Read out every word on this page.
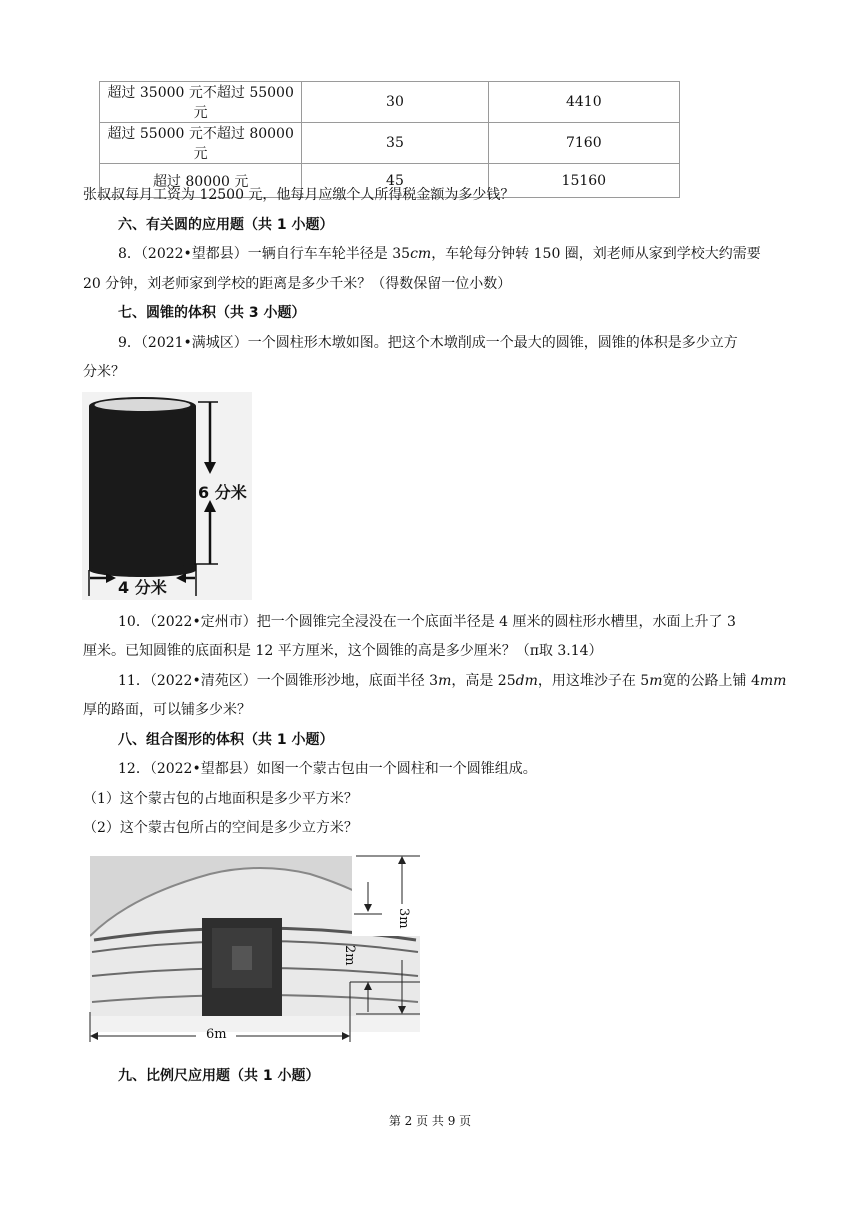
超过 35000 元不超过 55000 元	30	4410
超过 55000 元不超过 80000 元	35	7160
超过 80000 元	45	15160
张叔叔每月工资为 12500 元，他每月应缴个人所得税金额为多少钱？
六、有关圆的应用题（共 1 小题）
8．（2022•望都县）一辆自行车车轮半径是 35cm，车轮每分钟转 150 圈，刘老师从家到学校大约需要
20 分钟，刘老师家到学校的距离是多少千米？（得数保留一位小数）
七、圆锥的体积（共 3 小题）
9．（2021•满城区）一个圆柱形木墩如图。把这个木墩削成一个最大的圆锥，圆锥的体积是多少立方
分米？
6 分米
4 分米
10．（2022•定州市）把一个圆锥完全浸没在一个底面半径是 4 厘米的圆柱形水槽里，水面上升了 3
厘米。已知圆锥的底面积是 12 平方厘米，这个圆锥的高是多少厘米？（π取 3.14）
11．（2022•清苑区）一个圆锥形沙地，底面半径 3m，高是 25dm，用这堆沙子在 5m宽的公路上铺 4mm
厚的路面，可以铺多少米？
八、组合图形的体积（共 1 小题）
12．（2022•望都县）如图一个蒙古包由一个圆柱和一个圆锥组成。
（1）这个蒙古包的占地面积是多少平方米？
（2）这个蒙古包所占的空间是多少立方米？
2m
3m
6m
九、比例尺应用题（共 1 小题）
第 2 页 共 9 页
